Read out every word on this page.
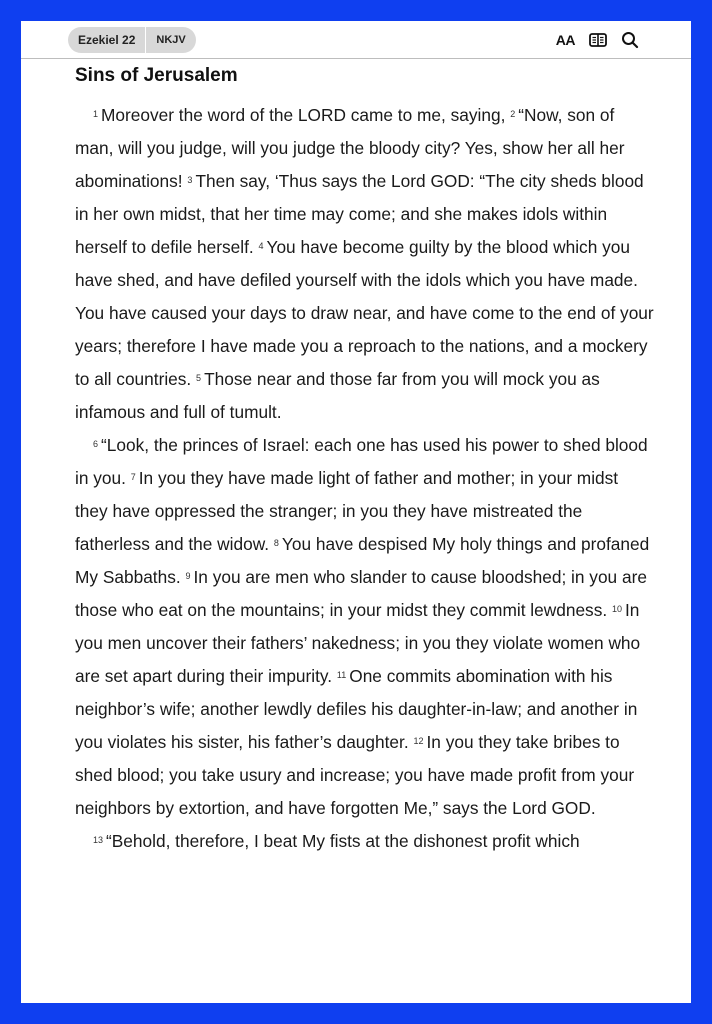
Ezekiel 22	NKJV	AA
Sins of Jerusalem

$^1$ Moreover the word of the LORD came to me, saying, $^2$ “Now, son of man, will you judge, will you judge the bloody city? Yes, show her all her abominations! $^3$ Then say, ‘Thus says the Lord GOD: “The city sheds blood in her own midst, that her time may come; and she makes idols within herself to defile herself. $^4$ You have become guilty by the blood which you have shed, and have defiled yourself with the idols which you have made. You have caused your days to draw near, and have come to the end of your years; therefore I have made you a reproach to the nations, and a mockery to all countries. $^5$ Those near and those far from you will mock you as infamous and full of tumult.

$^6$ “Look, the princes of Israel: each one has used his power to shed blood in you. $^7$ In you they have made light of father and mother; in your midst they have oppressed the stranger; in you they have mistreated the fatherless and the widow. $^8$ You have despised My holy things and profaned My Sabbaths. $^9$ In you are men who slander to cause bloodshed; in you are those who eat on the mountains; in your midst they commit lewdness. $^{10}$ In you men uncover their fathers’ nakedness; in you they violate women who are set apart during their impurity. $^{11}$ One commits abomination with his neighbor’s wife; another lewdly defiles his daughter-in-law; and another in you violates his sister, his father’s daughter. $^{12}$ In you they take bribes to shed blood; you take usury and increase; you have made profit from your neighbors by extortion, and have forgotten Me,” says the Lord GOD.

$^{13}$ “Behold, therefore, I beat My fists at the dishonest profit which
